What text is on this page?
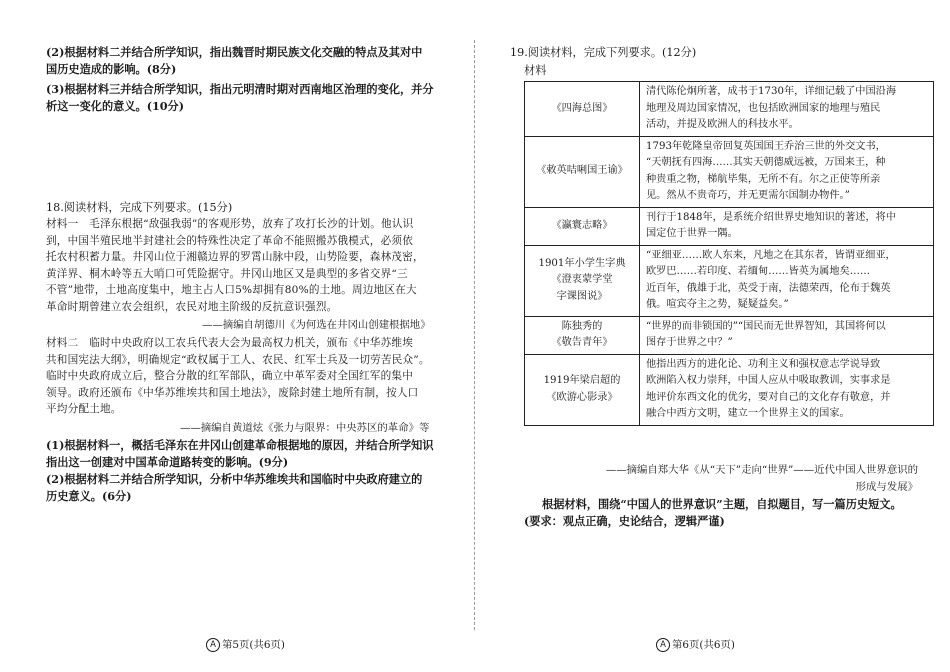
(2)根据材料二并结合所学知识，指出魏晋时期民族文化交融的特点及其对中
国历史造成的影响。(8分)
(3)根据材料三并结合所学知识，指出元明清时期对西南地区治理的变化，并分
析这一变化的意义。(10分)
18.阅读材料，完成下列要求。(15分)
材料一　毛泽东根据“敌强我弱”的客观形势，放弃了攻打长沙的计划。他认识
到，中国半殖民地半封建社会的特殊性决定了革命不能照搬苏俄模式，必须依
托农村积蓄力量。井冈山位于湘赣边界的罗霄山脉中段，山势险要，森林茂密，
黄洋界、桐木岭等五大哨口可凭险据守。井冈山地区又是典型的多省交界“三
不管”地带，土地高度集中，地主占人口5%却拥有80%的土地。周边地区在大
革命时期曾建立农会组织，农民对地主阶级的反抗意识强烈。
——摘编自胡德川《为何选在井冈山创建根据地》
材料二　临时中央政府以工农兵代表大会为最高权力机关，颁布《中华苏维埃
共和国宪法大纲》，明确规定“政权属于工人、农民、红军士兵及一切劳苦民众”。
临时中央政府成立后，整合分散的红军部队，确立中革军委对全国红军的集中
领导。政府还颁布《中华苏维埃共和国土地法》，废除封建土地所有制，按人口
平均分配土地。
——摘编自黄道炫《张力与限界：中央苏区的革命》等
(1)根据材料一，概括毛泽东在井冈山创建革命根据地的原因，并结合所学知识
指出这一创建对中国革命道路转变的影响。(9分)
(2)根据材料二并结合所学知识，分析中华苏维埃共和国临时中央政府建立的
历史意义。(6分)
A 第5页(共6页)
19.阅读材料，完成下列要求。(12分)
材料
《四海总图》	清代陈伦炯所著，成书于1730年，详细记载了中国沿海
地理及周边国家情况，也包括欧洲国家的地理与殖民
活动，并提及欧洲人的科技水平。

《敕英咭唎国王谕》	1793年乾隆皇帝回复英国国王乔治三世的外交文书，
“天朝抚有四海……其实天朝德威远被，万国来王，种
种贵重之物，梯航毕集，无所不有。尔之正使等所亲
见。然从不贵奇巧，并无更需尔国制办物件。”

《瀛寰志略》	刊行于1848年，是系统介绍世界史地知识的著述，将中
国定位于世界一隅。

1901年小学生字典
《澄衷蒙学堂
字课图说》	“亚细亚……欧人东来，凡地之在其东者，皆谓亚细亚，
欧罗巴……若印度、若缅甸……皆英为属地矣……
近百年，俄雄于北，英受于南，法德荣西，伦布于魏英
俄。喧宾夺主之势，疑疑益矣。”

陈独秀的
《敬告青年》	“世界的而非锁国的”“国民而无世界智知，其国将何以
图存于世界之中？”

1919年梁启超的
《欧游心影录》	他指出西方的进化论、功利主义和强权意志学说导致
欧洲陷入权力崇拜，中国人应从中吸取教训，实事求是
地评价东西文化的优劣，要对自己的文化存有敬意，并
融合中西方文明，建立一个世界主义的国家。
——摘编自郑大华《从“天下”走向“世界”——近代中国人世界意识的
形成与发展》
根据材料，围绕“中国人的世界意识”主题，自拟题目，写一篇历史短文。
(要求：观点正确，史论结合，逻辑严谨)
A 第6页(共6页)
